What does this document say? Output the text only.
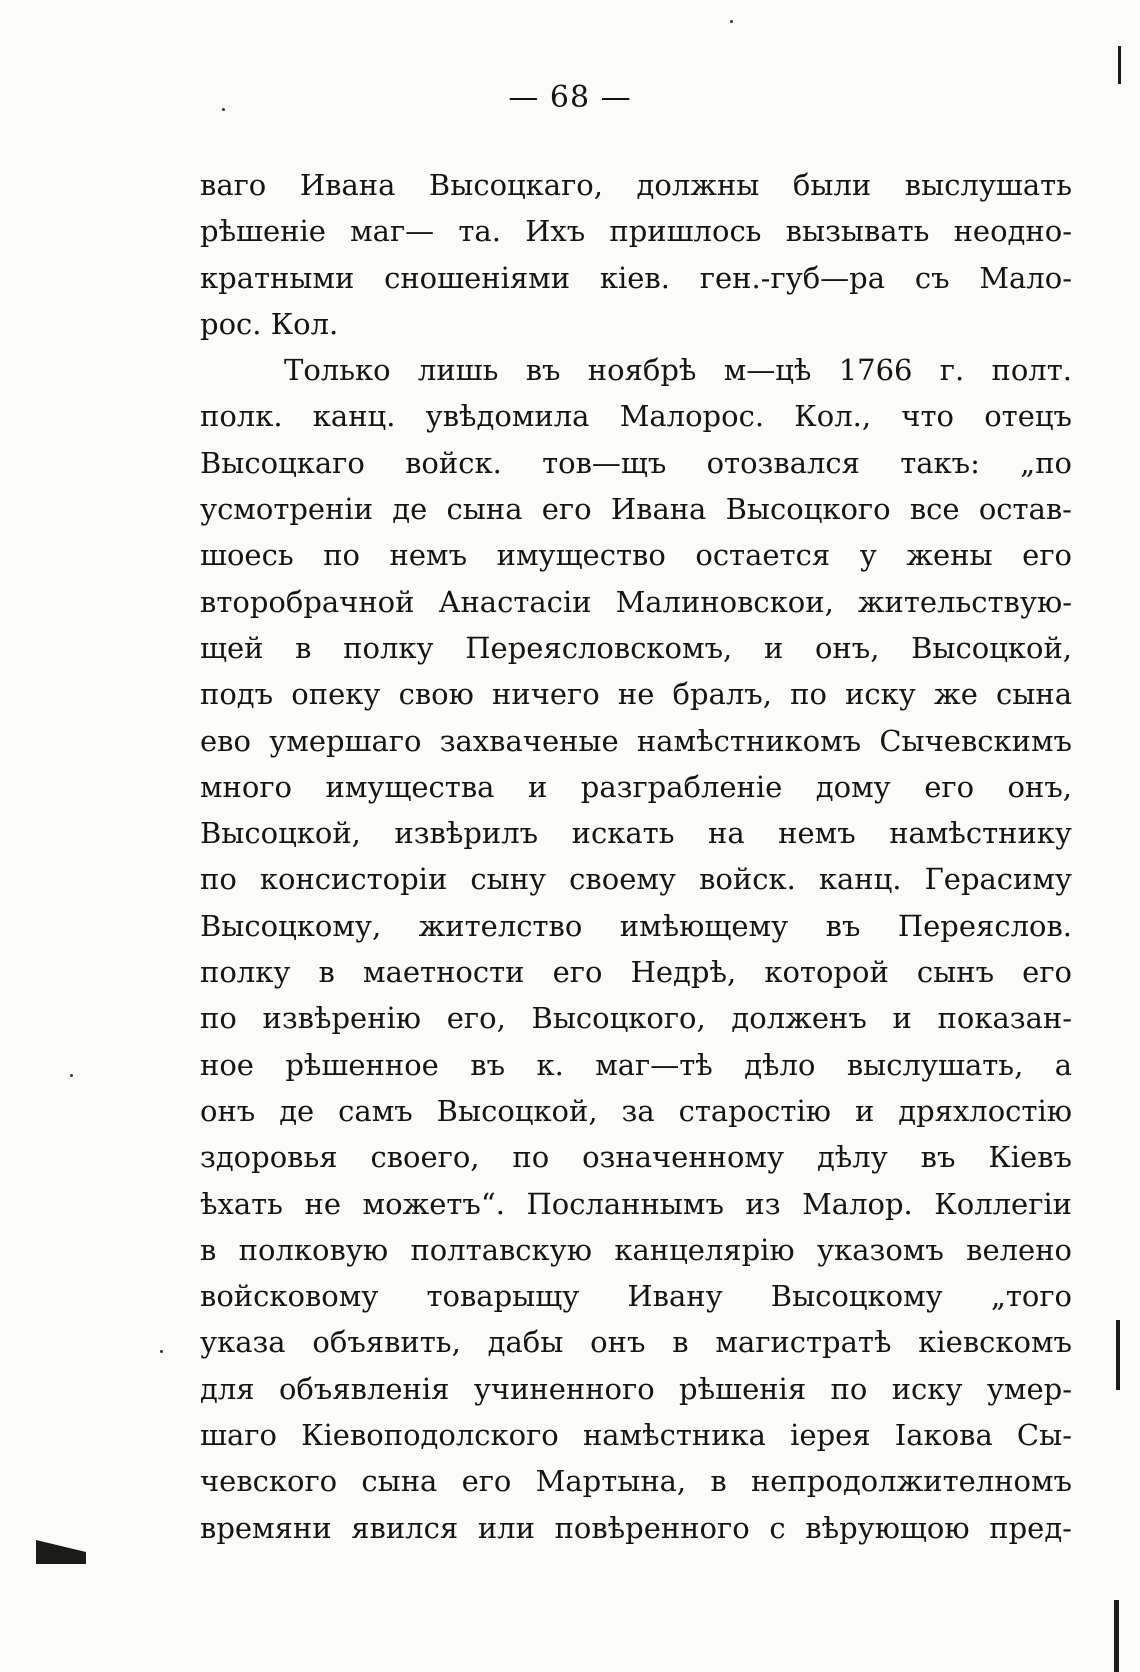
— 68 —
ваго Ивана Высоцкаго, должны были выслушать
рѣшеніе маг— та. Ихъ пришлось вызывать неодно-
кратными сношеніями кіев. ген.-губ—ра съ Мало-
рос. Кол.
Только лишь въ ноябрѣ м—цѣ 1766 г. полт.
полк. канц. увѣдомила Малорос. Кол., что отецъ
Высоцкаго войск. тов—щъ отозвался такъ: „по
усмотреніи де сына его Ивана Высоцкого все остав-
шоесь по немъ имущество остается у жены его
второбрачной Анастасіи Малиновскои, жительствую-
щей в полку Переясловскомъ, и онъ, Высоцкой,
подъ опеку свою ничего не бралъ, по иску же сына
ево умершаго захваченые намѣстникомъ Сычевскимъ
много имущества и разграбленіе дому его онъ,
Высоцкой, извѣрилъ искать на немъ намѣстнику
по консисторіи сыну своему войск. канц. Герасиму
Высоцкому, жителство имѣющему въ Переяслов.
полку в маетности его Недрѣ, которой сынъ его
по извѣренію его, Высоцкого, долженъ и показан-
ное рѣшенное въ к. маг—тѣ дѣло выслушать, а
онъ де самъ Высоцкой, за старостію и дряхлостію
здоровья своего, по означенному дѣлу въ Кіевъ
ѣхать не можетъ“. Посланнымъ из Малор. Коллегіи
в полковую полтавскую канцелярію указомъ велено
войсковому товарыщу Ивану Высоцкому „того
указа объявить, дабы онъ в магистратѣ кіевскомъ
для объявленія учиненного рѣшенія по иску умер-
шаго Кіевоподолского намѣстника іерея Іакова Сы-
чевского сына его Мартына, в непродолжителномъ
времяни явился или повѣренного с вѣрующою пред-
